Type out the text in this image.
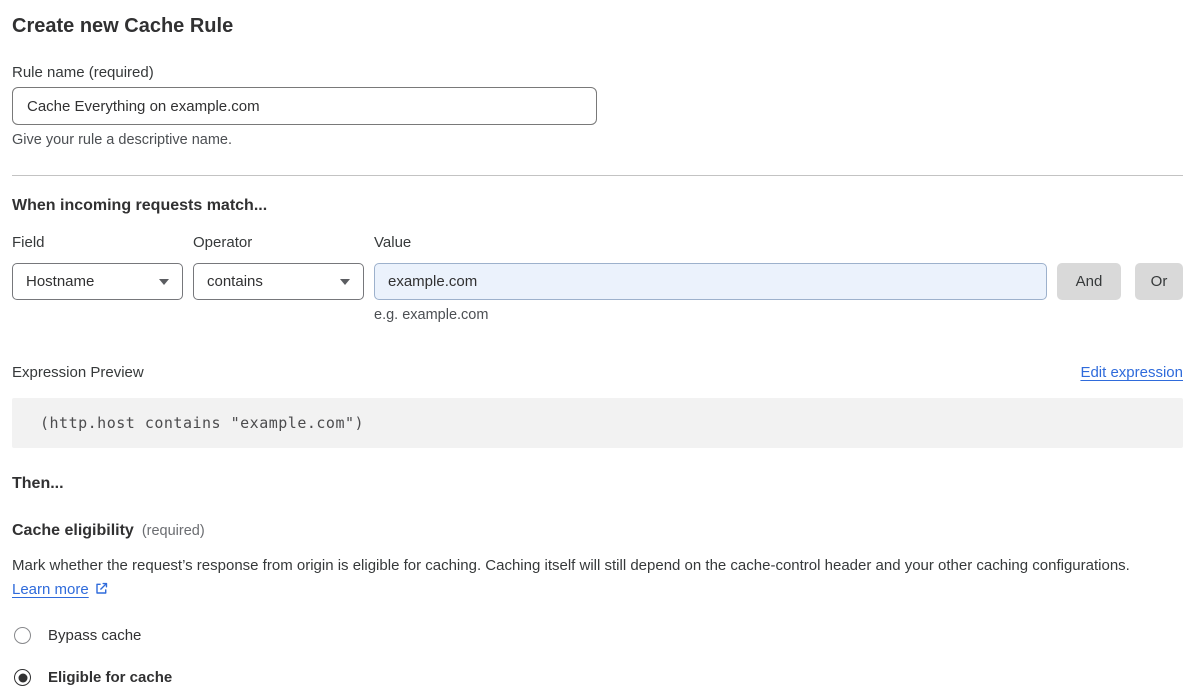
Create new Cache Rule
Rule name (required)
Cache Everything on example.com
Give your rule a descriptive name.
When incoming requests match...
Field
Hostname
Operator
contains
Value
example.com
e.g. example.com
And	Or
Expression Preview	Edit expression
(http.host contains "example.com")
Then...
Cache eligibility (required)
Mark whether the request’s response from origin is eligible for caching. Caching itself will still depend on the cache-control header and your other caching configurations. Learn more
Bypass cache
Eligible for cache
